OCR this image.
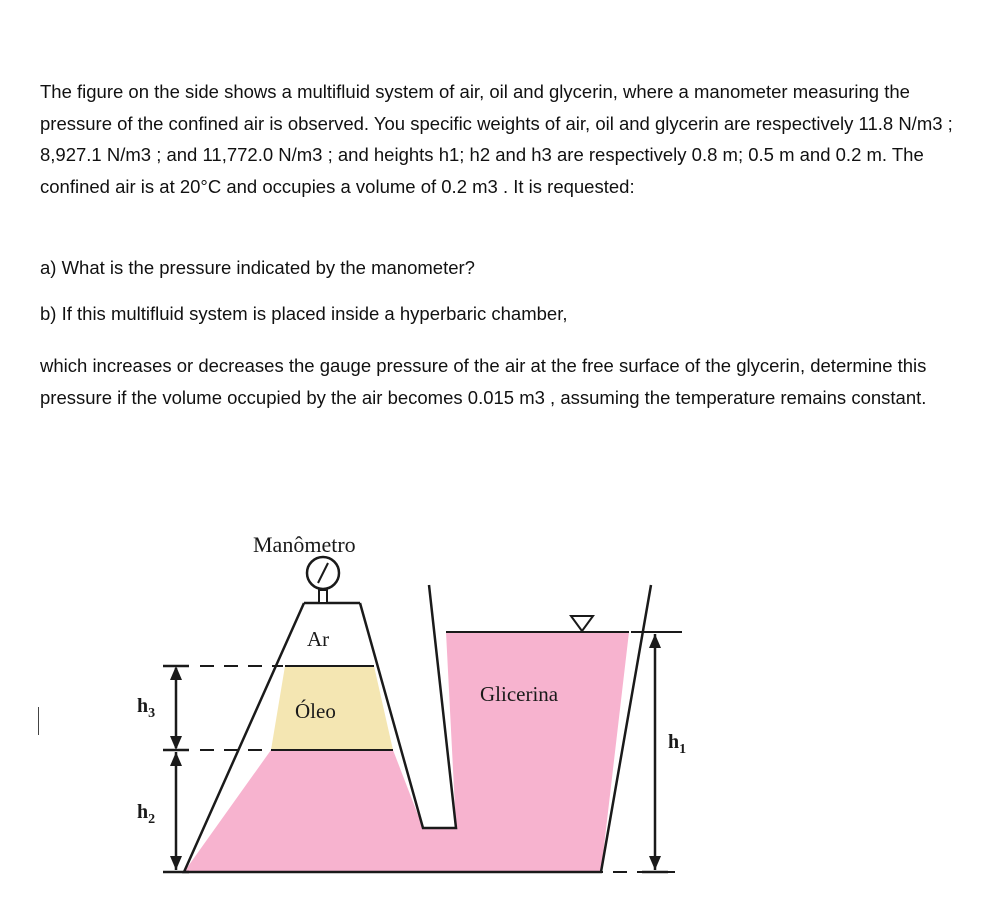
The figure on the side shows a multifluid system of air, oil and glycerin, where a manometer measuring the pressure of the confined air is observed. You specific weights of air, oil and glycerin are respectively 11.8 N/m3 ; 8,927.1 N/m3 ; and 11,772.0 N/m3 ; and heights h1; h2 and h3 are respectively 0.8 m; 0.5 m and 0.2 m. The confined air is at 20°C and occupies a volume of 0.2 m3 . It is requested:

a) What is the pressure indicated by the manometer?

b) If this multifluid system is placed inside a hyperbaric chamber,

which increases or decreases the gauge pressure of the air at the free surface of the glycerin, determine this pressure if the volume occupied by the air becomes 0.015 m3 , assuming the temperature remains constant.

Manômetro
Ar
Óleo
Glicerina
$h_3$
$h_2$
$h_1$
